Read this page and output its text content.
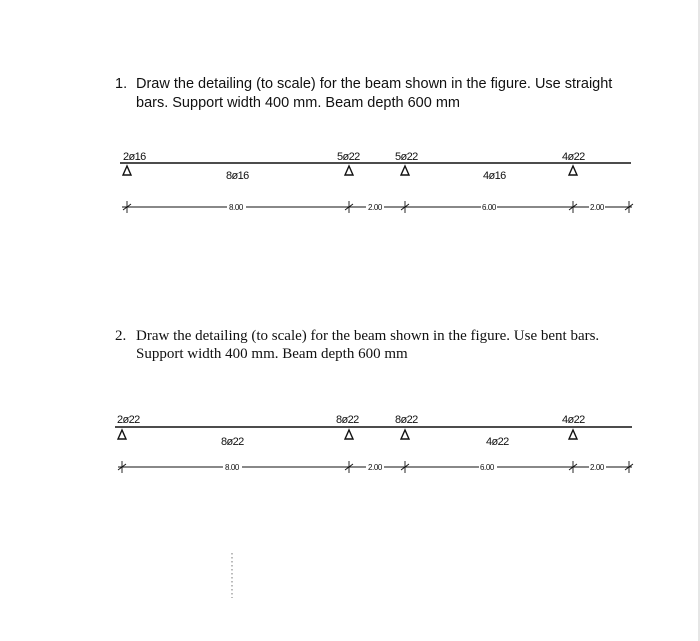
1. Draw the detailing (to scale) for the beam shown in the figure. Use straight
bars. Support width 400 mm. Beam depth 600 mm
2ø16	5ø22	5ø22	4ø22
8ø16	4ø16
8.00	2.00	6.00	2.00
2. Draw the detailing (to scale) for the beam shown in the figure. Use bent bars.
Support width 400 mm. Beam depth 600 mm
2ø22	8ø22	8ø22	4ø22
8ø22	4ø22
8.00	2.00	6.00	2.00
